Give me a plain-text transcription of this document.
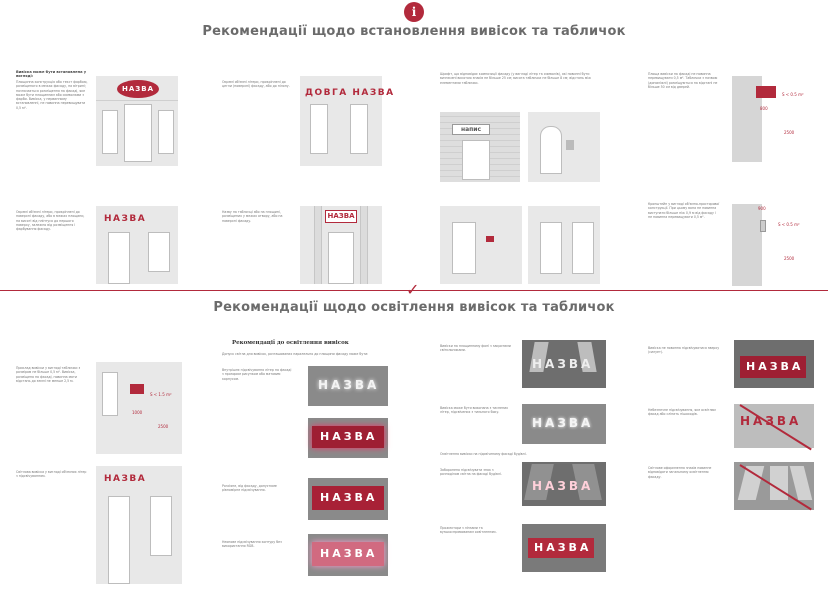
i
Рекомендації щодо встановлення вивісок та табличок
Вивіска може бути встановлена у вигляді:
Площинна конструкція або текст фарбою, розміщеного в межах фасаду, на вітрині; позначається розміщення на фасаді, яке може бути площинним або символами з фарби. Вивіска, у первинному встановленні, не повинна перевищувати 0,5 м².
НАЗВА
Окремі об'ємні літери, прикріплені до цегли (поверхні) фасаду, або до пілону.
ДОВГА НАЗВА
Окремі об'ємні літери, прикріплені до поверхні фасаду, або в межах площини, на висоті від плінтуса до першого поверху, залежно від розміщення і фарбування фасаду.
НАЗВА
Назву на табличці або на площині, розміщених у межах отвору, або на поверхні фасаду.
НАЗВА
Шрифт, що відповідає композиції фасаду (у вигляді літер та символів), які повинні бути визначені висотою знаків не більше 25 см; висота таблички не більше 8 см; відстань між елементами таблички.
напис
Площа вивіски на фасаді не повинна перевищувати 0,5 м². Таблички з назвою (допоміжні) розміщуються на відстані не більше 50 см від дверей.
S < 0.5 m²
800
2500
Кронштейн у вигляді об'ємно-просторової конструкції. При цьому вона не повинна виступати більше ніж 0,9 м від фасаду і не повинна перевищувати 0,5 м².
S < 0.5 m²
900
2500
✓
Рекомендації щодо освітлення вивісок та табличок
Приклад вивіски у вигляді таблички з розміром не більше 0,5 м². Вивіска, розміщена на фасаді, повинна мати відстань до землі не менше 2,5 м.
S < 1.5 m²
1000
2500
Світлова вивіска у вигляді об'ємних літер з підсвічуванням.	НАЗВА
Рекомендації до освітлення вивісок
Допуск світла для вивісок, розташованих паралельно до площини фасаду може бути:
Внутрішнє підсвічування літер на фасаді з прозорим рисунком або матовим корпусом.	НАЗВА
НАЗВА
Розсіяне, від фасаду, допустиме рівномірне підсвічування.
НАЗВА
Неонове підсвічування контуру без використання RGB.
НАЗВА
Вивіски на площинному фоні з закритими світильниками.
НАЗВА
Вивіска може бути виконана з тиснених літер, підсвічених з тильного боку.
НАЗВА
Освітлення вивіски на підсвіченому фасаді будівлі.
Заборонено підсвічувати знак з розподілом світла на фасаді будівлі.
НАЗВА
Прожектори з лінзами та вузькоспрямованим освітленням.
НАЗВА
Вивіска не повинна підсвічуватися зверху (силует).
НАЗВА
Небезпечне підсвічування, яке освітлює фасад або сліпить пішоходів.	НАЗВА
Світлове оформлення знаків повинне відповідати загальному освітленню фасаду.
